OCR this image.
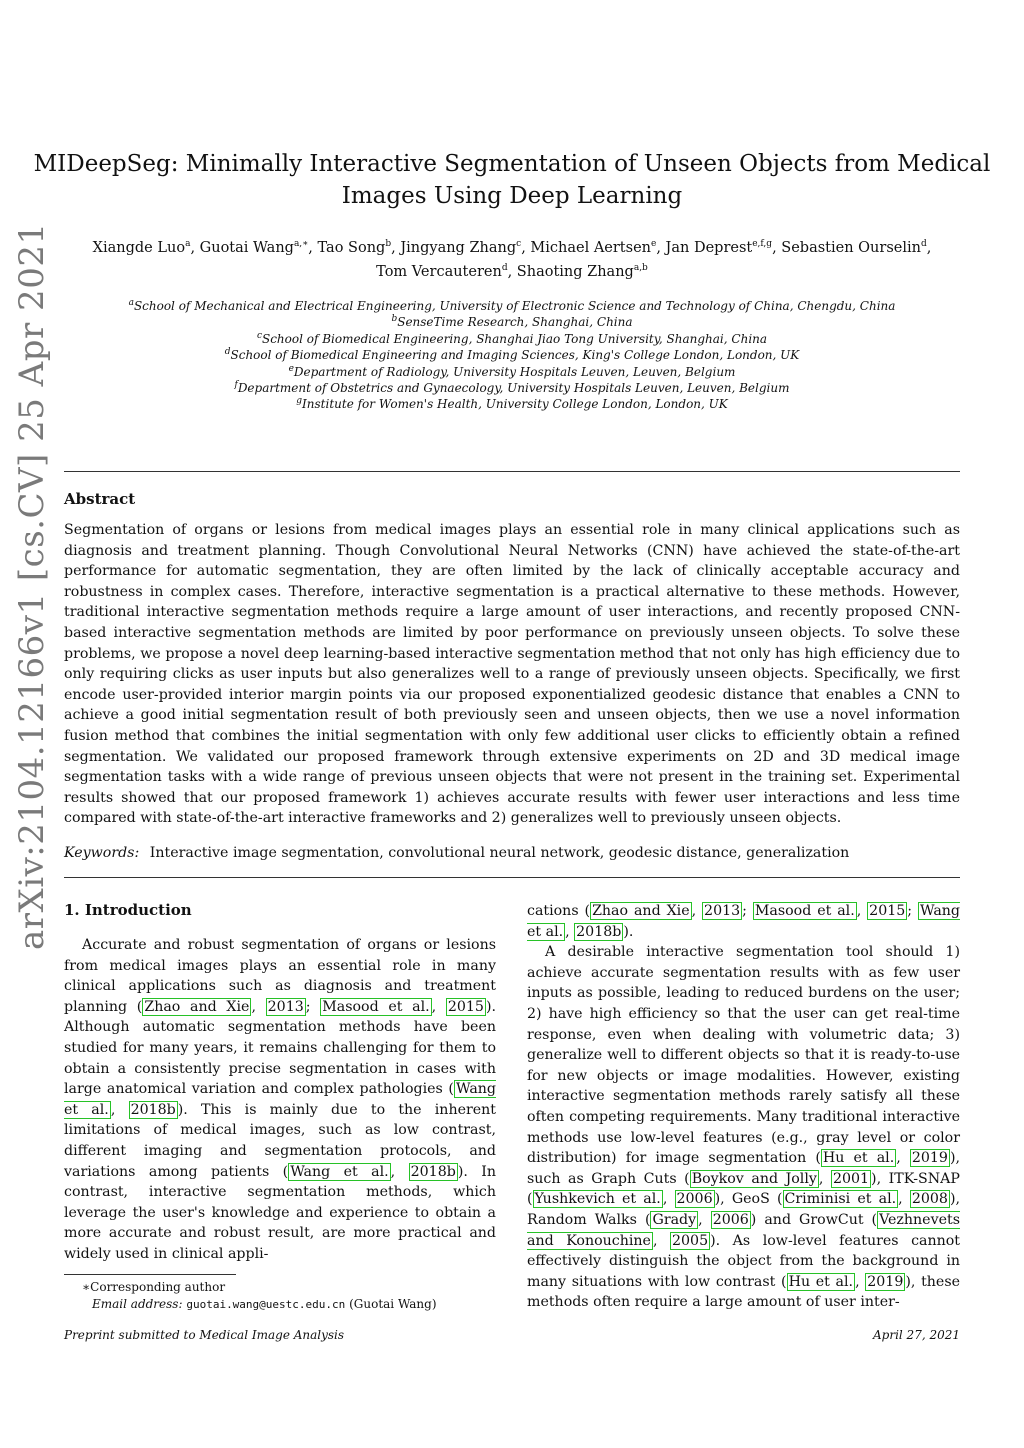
MIDeepSeg: Minimally Interactive Segmentation of Unseen Objects from Medical Images Using Deep Learning
Xiangde Luo$^a$, Guotai Wang$^{a,∗}$, Tao Song$^b$, Jingyang Zhang$^c$, Michael Aertsen$^e$, Jan Deprest$^{e,f,g}$, Sebastien Ourselin$^d$,
Tom Vercauteren$^d$, Shaoting Zhang$^{a,b}$
$^a$School of Mechanical and Electrical Engineering, University of Electronic Science and Technology of China, Chengdu, China
$^b$SenseTime Research, Shanghai, China
$^c$School of Biomedical Engineering, Shanghai Jiao Tong University, Shanghai, China
$^d$School of Biomedical Engineering and Imaging Sciences, King's College London, London, UK
$^e$Department of Radiology, University Hospitals Leuven, Leuven, Belgium
$^f$Department of Obstetrics and Gynaecology, University Hospitals Leuven, Leuven, Belgium
$^g$Institute for Women's Health, University College London, London, UK
arXiv:2104.12166v1 [cs.CV] 25 Apr 2021 Abstract
Segmentation of organs or lesions from medical images plays an essential role in many clinical applications such as diagnosis and treatment planning. Though Convolutional Neural Networks (CNN) have achieved the state-of-the-art performance for automatic segmentation, they are often limited by the lack of clinically acceptable accuracy and robustness in complex cases. Therefore, interactive segmentation is a practical alternative to these methods. However, traditional interactive segmentation methods require a large amount of user interactions, and recently proposed CNN-based interactive segmentation methods are limited by poor performance on previously unseen objects. To solve these problems, we propose a novel deep learning-based interactive segmentation method that not only has high efficiency due to only requiring clicks as user inputs but also generalizes well to a range of previously unseen objects. Specifically, we first encode user-provided interior margin points via our proposed exponentialized geodesic distance that enables a CNN to achieve a good initial segmentation result of both previously seen and unseen objects, then we use a novel information fusion method that combines the initial segmentation with only few additional user clicks to efficiently obtain a refined segmentation. We validated our proposed framework through extensive experiments on 2D and 3D medical image segmentation tasks with a wide range of previous unseen objects that were not present in the training set. Experimental results showed that our proposed framework 1) achieves accurate results with fewer user interactions and less time compared with state-of-the-art interactive frameworks and 2) generalizes well to previously unseen objects.
Keywords: Interactive image segmentation, convolutional neural network, geodesic distance, generalization
1. Introduction
Accurate and robust segmentation of organs or lesions from medical images plays an essential role in many clinical applications such as diagnosis and treatment planning ( Zhao and Xie , 2013 ; Masood et al. , 2015 ). Although automatic segmentation methods have been studied for many years, it remains challenging for them to obtain a consistently precise segmentation in cases with large anatomical variation and complex pathologies ( Wang et al. , 2018b ). This is mainly due to the inherent limitations of medical images, such as low contrast, different imaging and segmentation protocols, and variations among patients ( Wang et al. , 2018b ). In contrast, interactive segmentation methods, which leverage the user's knowledge and experience to obtain a more accurate and robust result, are more practical and widely used in clinical appli-

cations ( Zhao and Xie , 2013 ; Masood et al. , 2015 ; Wang et al. , 2018b ).

A desirable interactive segmentation tool should 1) achieve accurate segmentation results with as few user inputs as possible, leading to reduced burdens on the user; 2) have high efficiency so that the user can get real-time response, even when dealing with volumetric data; 3) generalize well to different objects so that it is ready-to-use for new objects or image modalities. However, existing interactive segmentation methods rarely satisfy all these often competing requirements. Many traditional interactive methods use low-level features (e.g., gray level or color distribution) for image segmentation ( Hu et al. , 2019 ), such as Graph Cuts ( Boykov and Jolly , 2001 ), ITK-SNAP ( Yushkevich et al. , 2006 ), GeoS ( Criminisi et al. , 2008 ), Random Walks ( Grady , 2006 ) and GrowCut ( Vezhnevets and Konouchine , 2005 ). As low-level features cannot effectively distinguish the object from the background in many situations with low contrast ( Hu et al. , 2019 ), these methods often require a large amount of user inter-

∗Corresponding author
Email address: guotai.wang@uestc.edu.cn (Guotai Wang)
Preprint submitted to Medical Image Analysis	April 27, 2021
